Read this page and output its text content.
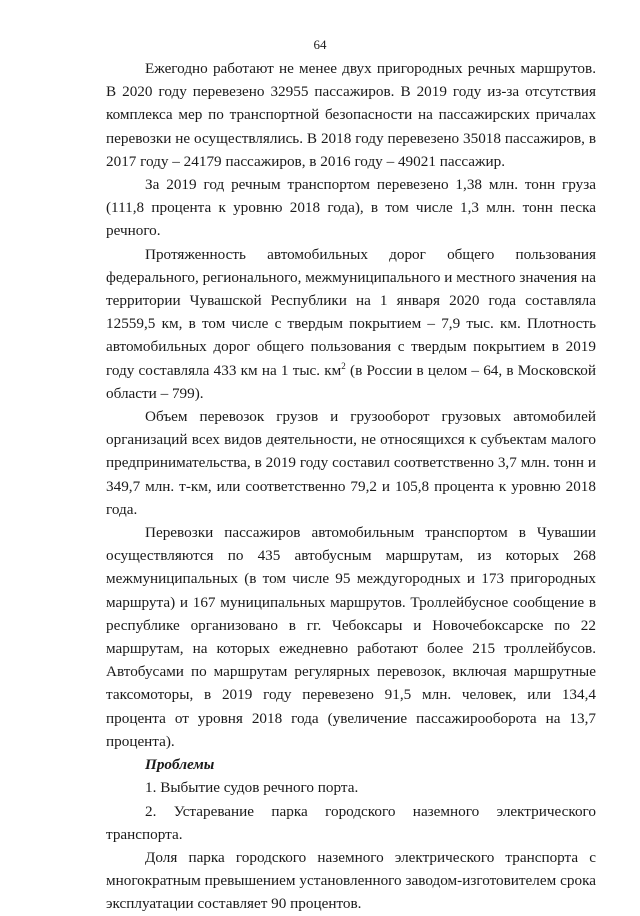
64

Ежегодно работают не менее двух пригородных речных маршрутов. В 2020 году перевезено 32955 пассажиров. В 2019 году из-за отсутствия комплекса мер по транспортной безопасности на пассажирских причалах перевозки не осуществлялись. В 2018 году перевезено 35018 пассажиров, в 2017 году – 24179 пассажиров, в 2016 году – 49021 пассажир.

За 2019 год речным транспортом перевезено 1,38 млн. тонн груза (111,8 процента к уровню 2018 года), в том числе 1,3 млн. тонн песка речного.

Протяженность автомобильных дорог общего пользования федерального, регионального, межмуниципального и местного значения на территории Чувашской Республики на 1 января 2020 года составляла 12559,5 км, в том числе с твердым покрытием – 7,9 тыс. км. Плотность автомобильных дорог общего пользования с твердым покрытием в 2019 году составляла 433 км на 1 тыс. $км^2$ (в России в целом – 64, в Московской области – 799).

Объем перевозок грузов и грузооборот грузовых автомобилей организаций всех видов деятельности, не относящихся к субъектам малого предпринимательства, в 2019 году составил соответственно 3,7 млн. тонн и 349,7 млн. т-км, или соответственно 79,2 и 105,8 процента к уровню 2018 года.

Перевозки пассажиров автомобильным транспортом в Чувашии осуществляются по 435 автобусным маршрутам, из которых 268 межмуниципальных (в том числе 95 междугородных и 173 пригородных маршрута) и 167 муниципальных маршрутов. Троллейбусное сообщение в республике организовано в гг. Чебоксары и Новочебоксарске по 22 маршрутам, на которых ежедневно работают более 215 троллейбусов. Автобусами по маршрутам регулярных перевозок, включая маршрутные таксомоторы, в 2019 году перевезено 91,5 млн. человек, или 134,4 процента от уровня 2018 года (увеличение пассажирооборота на 13,7 процента).

Проблемы

1. Выбытие судов речного порта.

2. Устаревание парка городского наземного электрического транспорта.

Доля парка городского наземного электрического транспорта с многократным превышением установленного заводом-изготовителем срока эксплуатации составляет 90 процентов.
